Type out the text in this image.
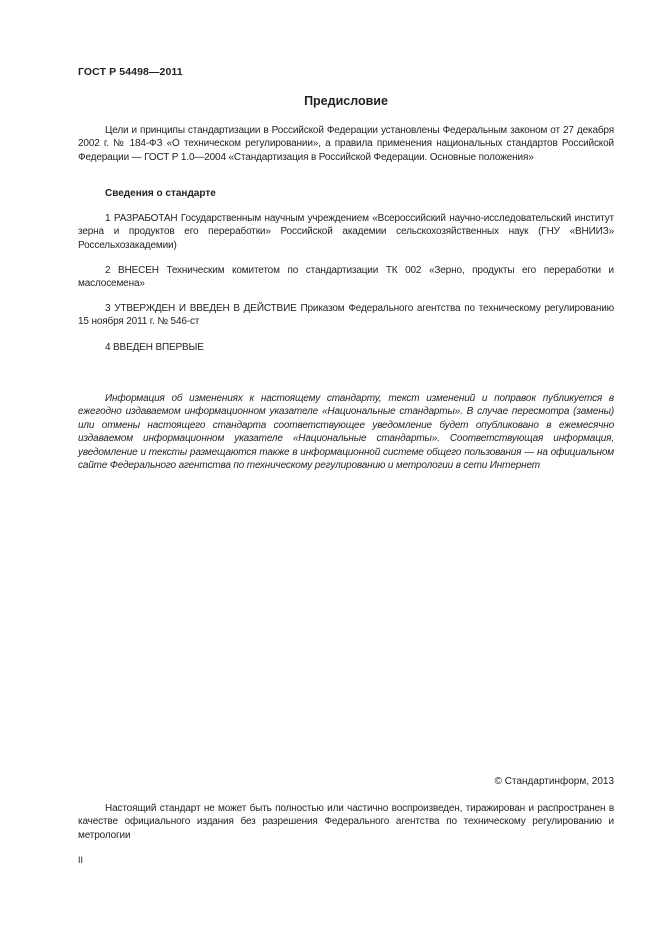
ГОСТ Р 54498—2011
Предисловие
Цели и принципы стандартизации в Российской Федерации установлены Федеральным законом от 27 декабря 2002 г. № 184-ФЗ «О техническом регулировании», а правила применения национальных стандартов Российской Федерации — ГОСТ Р 1.0—2004 «Стандартизация в Российской Федерации. Основные положения»
Сведения о стандарте
1 РАЗРАБОТАН Государственным научным учреждением «Всероссийский научно-исследовательский институт зерна и продуктов его переработки» Российской академии сельскохозяйственных наук (ГНУ «ВНИИЗ» Россельхозакадемии)
2 ВНЕСЕН Техническим комитетом по стандартизации ТК 002 «Зерно, продукты его переработки и маслосемена»
3 УТВЕРЖДЕН И ВВЕДЕН В ДЕЙСТВИЕ Приказом Федерального агентства по техническому регулированию 15 ноября 2011 г. № 546-ст
4 ВВЕДЕН ВПЕРВЫЕ
Информация об изменениях к настоящему стандарту, текст изменений и поправок публикуется в ежегодно издаваемом информационном указателе «Национальные стандарты». В случае пересмотра (замены) или отмены настоящего стандарта соответствующее уведомление будет опубликовано в ежемесячно издаваемом информационном указателе «Национальные стандарты». Соответствующая информация, уведомление и тексты размещаются также в информационной системе общего пользования — на официальном сайте Федерального агентства по техническому регулированию и метрологии в сети Интернет
© Стандартинформ, 2013
Настоящий стандарт не может быть полностью или частично воспроизведен, тиражирован и распространен в качестве официального издания без разрешения Федерального агентства по техническому регулированию и метрологии
II
